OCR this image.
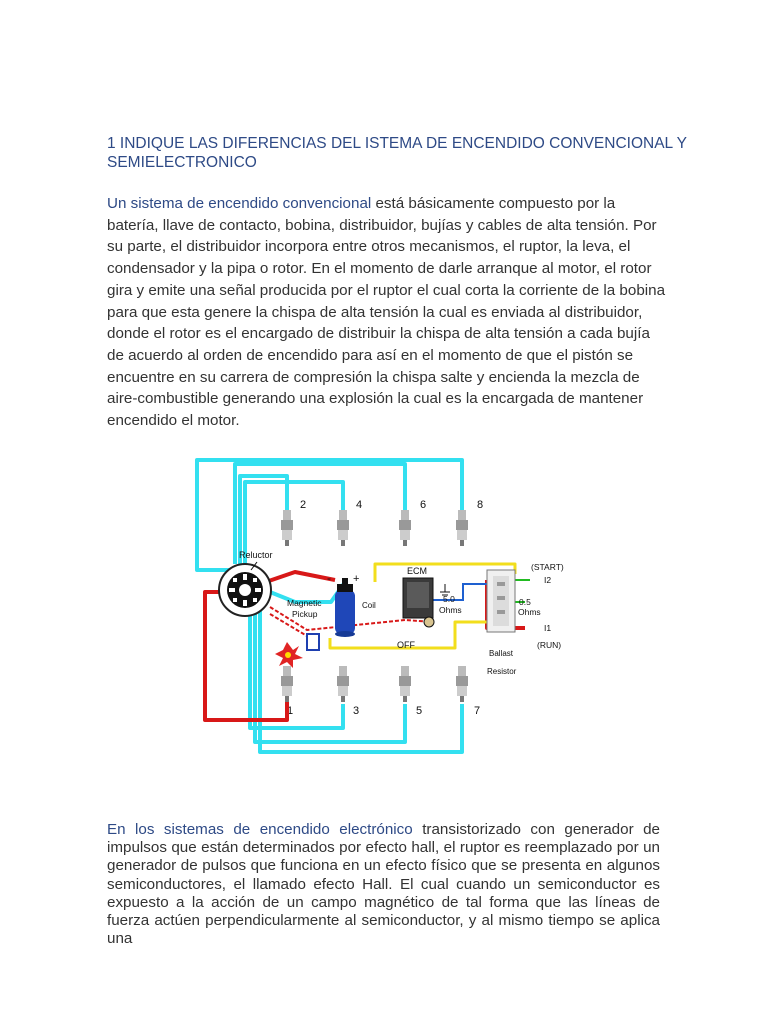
1 INDIQUE LAS DIFERENCIAS DEL ISTEMA DE ENCENDIDO CONVENCIONAL Y SEMIELECTRONICO

Un sistema de encendido convencional está básicamente compuesto por la batería, llave de contacto, bobina, distribuidor, bujías y cables de alta tensión. Por su parte, el distribuidor incorpora entre otros mecanismos, el ruptor, la leva, el condensador y la pipa o rotor. En el momento de darle arranque al motor, el rotor gira y emite una señal producida por el ruptor el cual corta la corriente de la bobina para que esta genere la chispa de alta tensión la cual es enviada al distribuidor, donde el rotor es el encargado de distribuir la chispa de alta tensión a cada bujía de acuerdo al orden de encendido para así en el momento de que el pistón se encuentre en su carrera de compresión la chispa salte y encienda la mezcla de aire-combustible generando una explosión la cual es la encargada de mantener encendido el motor.

2	4	6	8
1	3	5	7
Reluctor
Magnetic
Pickup
- +
Coil
ECM
OFF
5.0
Ohms
0.5
Ohms
Ballast
Resistor
(START)
I2
I1
(RUN)

En los sistemas de encendido electrónico transistorizado con generador de impulsos que están determinados por efecto hall, el ruptor es reemplazado por un generador de pulsos que funciona en un efecto físico que se presenta en algunos semiconductores, el llamado efecto Hall. El cual cuando un semiconductor es expuesto a la acción de un campo magnético de tal forma que las líneas de fuerza actúen perpendicularmente al semiconductor, y al mismo tiempo se aplica una
